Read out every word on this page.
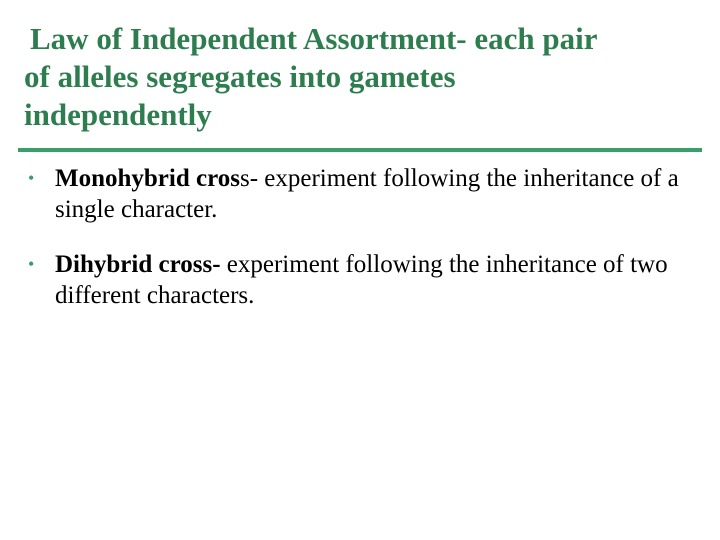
Law of Independent Assortment- each pair
of alleles segregates into gametes
independently
• Monohybrid cross- experiment following the inheritance of a single character.
• Dihybrid cross- experiment following the inheritance of two different characters.
